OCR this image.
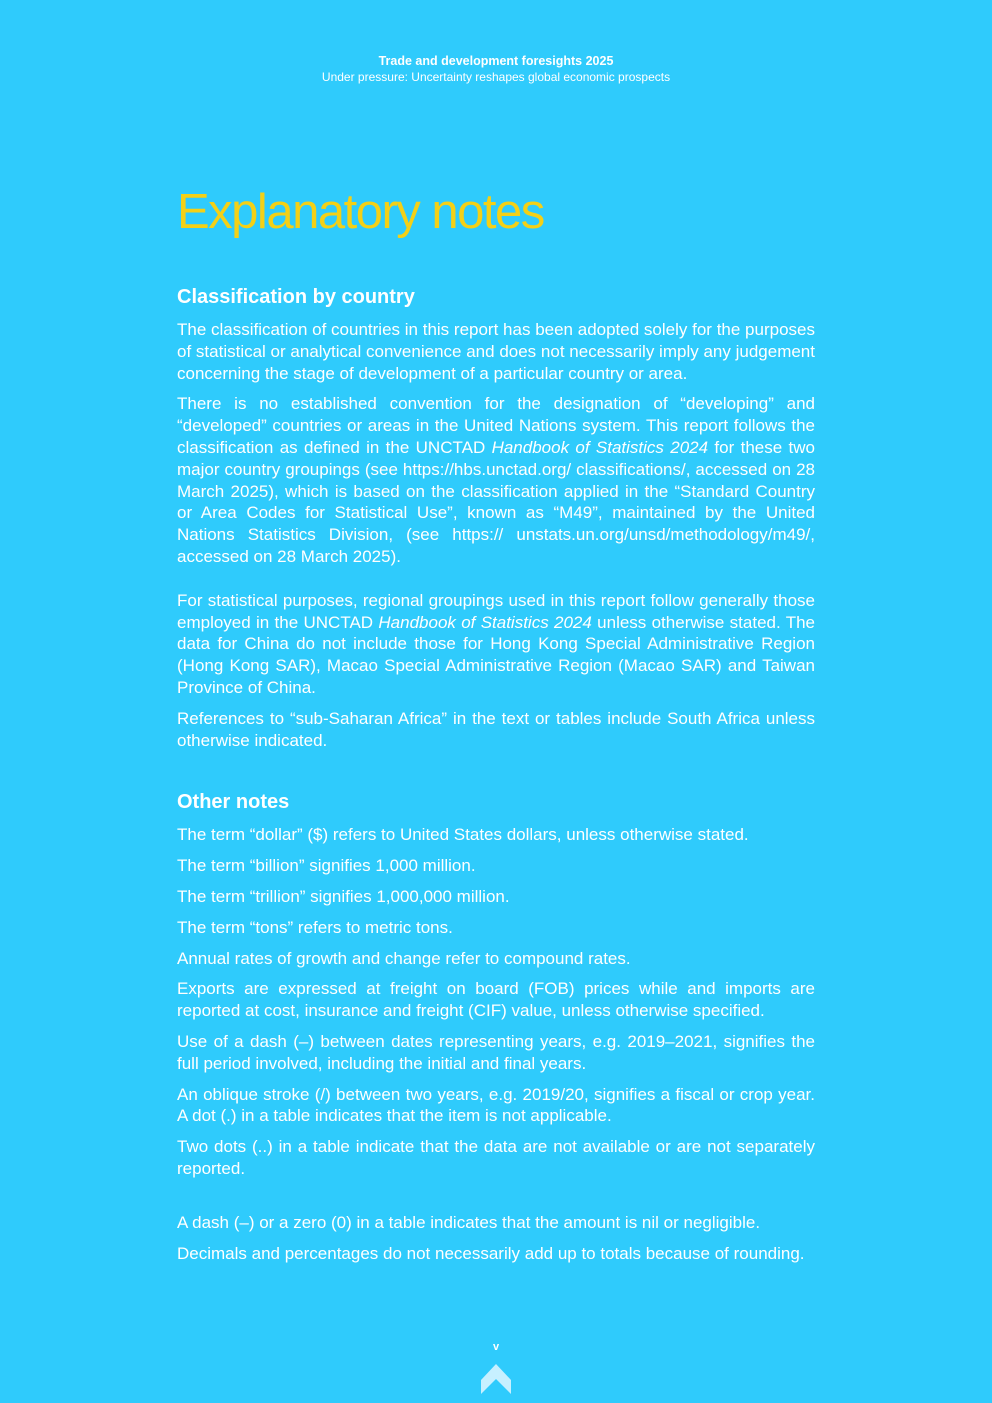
Trade and development foresights 2025
Under pressure: Uncertainty reshapes global economic prospects
Explanatory notes
Classification by country

The classification of countries in this report has been adopted solely for the purposes of statistical or analytical convenience and does not necessarily imply any judgement concerning the stage of development of a particular country or area.

There is no established convention for the designation of “developing” and “developed” countries or areas in the United Nations system. This report follows the classification as defined in the UNCTAD Handbook of Statistics 2024 for these two major country groupings (see https://hbs.unctad.org/ classifications/, accessed on 28 March 2025), which is based on the classification applied in the “Standard Country or Area Codes for Statistical Use”, known as “M49”, maintained by the United Nations Statistics Division, (see https:// unstats.un.org/unsd/methodology/m49/, accessed on 28 March 2025).

For statistical purposes, regional groupings used in this report follow generally those employed in the UNCTAD Handbook of Statistics 2024 unless otherwise stated. The data for China do not include those for Hong Kong Special Administrative Region (Hong Kong SAR), Macao Special Administrative Region (Macao SAR) and Taiwan Province of China.

References to “sub-Saharan Africa” in the text or tables include South Africa unless otherwise indicated.

Other notes

The term “dollar” ($) refers to United States dollars, unless otherwise stated.

The term “billion” signifies 1,000 million.

The term “trillion” signifies 1,000,000 million.

The term “tons” refers to metric tons.

Annual rates of growth and change refer to compound rates.

Exports are expressed at freight on board (FOB) prices while and imports are reported at cost, insurance and freight (CIF) value, unless otherwise specified.

Use of a dash (–) between dates representing years, e.g. 2019–2021, signifies the full period involved, including the initial and final years.

An oblique stroke (/) between two years, e.g. 2019/20, signifies a fiscal or crop year. A dot (.) in a table indicates that the item is not applicable.

Two dots (..) in a table indicate that the data are not available or are not separately reported.

A dash (–) or a zero (0) in a table indicates that the amount is nil or negligible.

Decimals and percentages do not necessarily add up to totals because of rounding.

v
